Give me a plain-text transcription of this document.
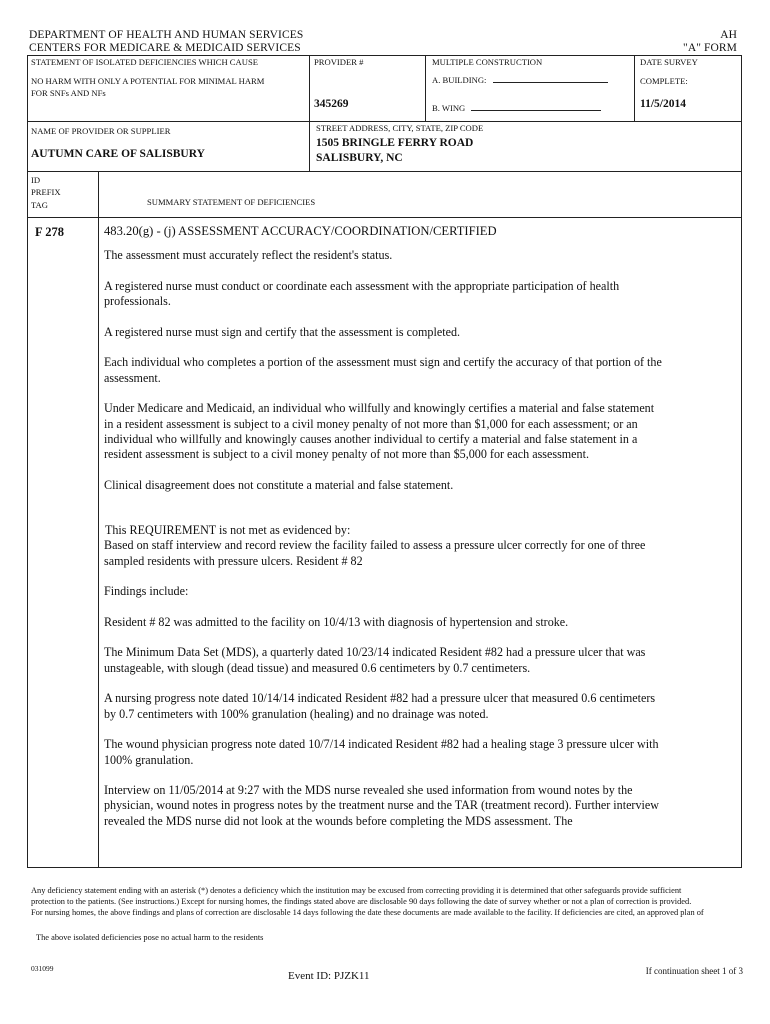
DEPARTMENT OF HEALTH AND HUMAN SERVICES
CENTERS FOR MEDICARE & MEDICAID SERVICES
AH
"A" FORM
STATEMENT OF ISOLATED DEFICIENCIES WHICH CAUSE
NO HARM WITH ONLY A POTENTIAL FOR MINIMAL HARM
FOR SNFs AND NFs
PROVIDER #
345269
MULTIPLE CONSTRUCTION
A. BUILDING:
B. WING
DATE SURVEY
COMPLETE:
11/5/2014
NAME OF PROVIDER OR SUPPLIER
AUTUMN CARE OF SALISBURY
STREET ADDRESS, CITY, STATE, ZIP CODE
1505 BRINGLE FERRY ROAD
SALISBURY, NC
ID
PREFIX
TAG	SUMMARY STATEMENT OF DEFICIENCIES
F 278	483.20(g) - (j) ASSESSMENT ACCURACY/COORDINATION/CERTIFIED

The assessment must accurately reflect the resident's status.

A registered nurse must conduct or coordinate each assessment with the appropriate participation of health professionals.

A registered nurse must sign and certify that the assessment is completed.

Each individual who completes a portion of the assessment must sign and certify the accuracy of that portion of the assessment.

Under Medicare and Medicaid, an individual who willfully and knowingly certifies a material and false statement in a resident assessment is subject to a civil money penalty of not more than $1,000 for each assessment; or an individual who willfully and knowingly causes another individual to certify a material and false statement in a resident assessment is subject to a civil money penalty of not more than $5,000 for each assessment.

Clinical disagreement does not constitute a material and false statement.

This REQUIREMENT is not met as evidenced by:
Based on staff interview and record review the facility failed to assess a pressure ulcer correctly for one of three sampled residents with pressure ulcers. Resident # 82

Findings include:

Resident # 82 was admitted to the facility on 10/4/13 with diagnosis of hypertension and stroke.

The Minimum Data Set (MDS), a quarterly dated 10/23/14 indicated Resident #82 had a pressure ulcer that was unstageable, with slough (dead tissue) and measured 0.6 centimeters by 0.7 centimeters.

A nursing progress note dated 10/14/14 indicated Resident #82 had a pressure ulcer that measured 0.6 centimeters by 0.7 centimeters with 100% granulation (healing) and no drainage was noted.

The wound physician progress note dated 10/7/14 indicated Resident #82 had a healing stage 3 pressure ulcer with 100% granulation.

Interview on 11/05/2014 at 9:27 with the MDS nurse revealed she used information from wound notes by the physician, wound notes in progress notes by the treatment nurse and the TAR (treatment record). Further interview revealed the MDS nurse did not look at the wounds before completing the MDS assessment. The

Any deficiency statement ending with an asterisk (*) denotes a deficiency which the institution may be excused from correcting providing it is determined that other safeguards provide sufficient
protection to the patients. (See instructions.) Except for nursing homes, the findings stated above are disclosable 90 days following the date of survey whether or not a plan of correction is provided.
For nursing homes, the above findings and plans of correction are disclosable 14 days following the date these documents are made available to the facility. If deficiencies are cited, an approved plan of
The above isolated deficiencies pose no actual harm to the residents
031099
Event ID: PJZK11	If continuation sheet 1 of 3
